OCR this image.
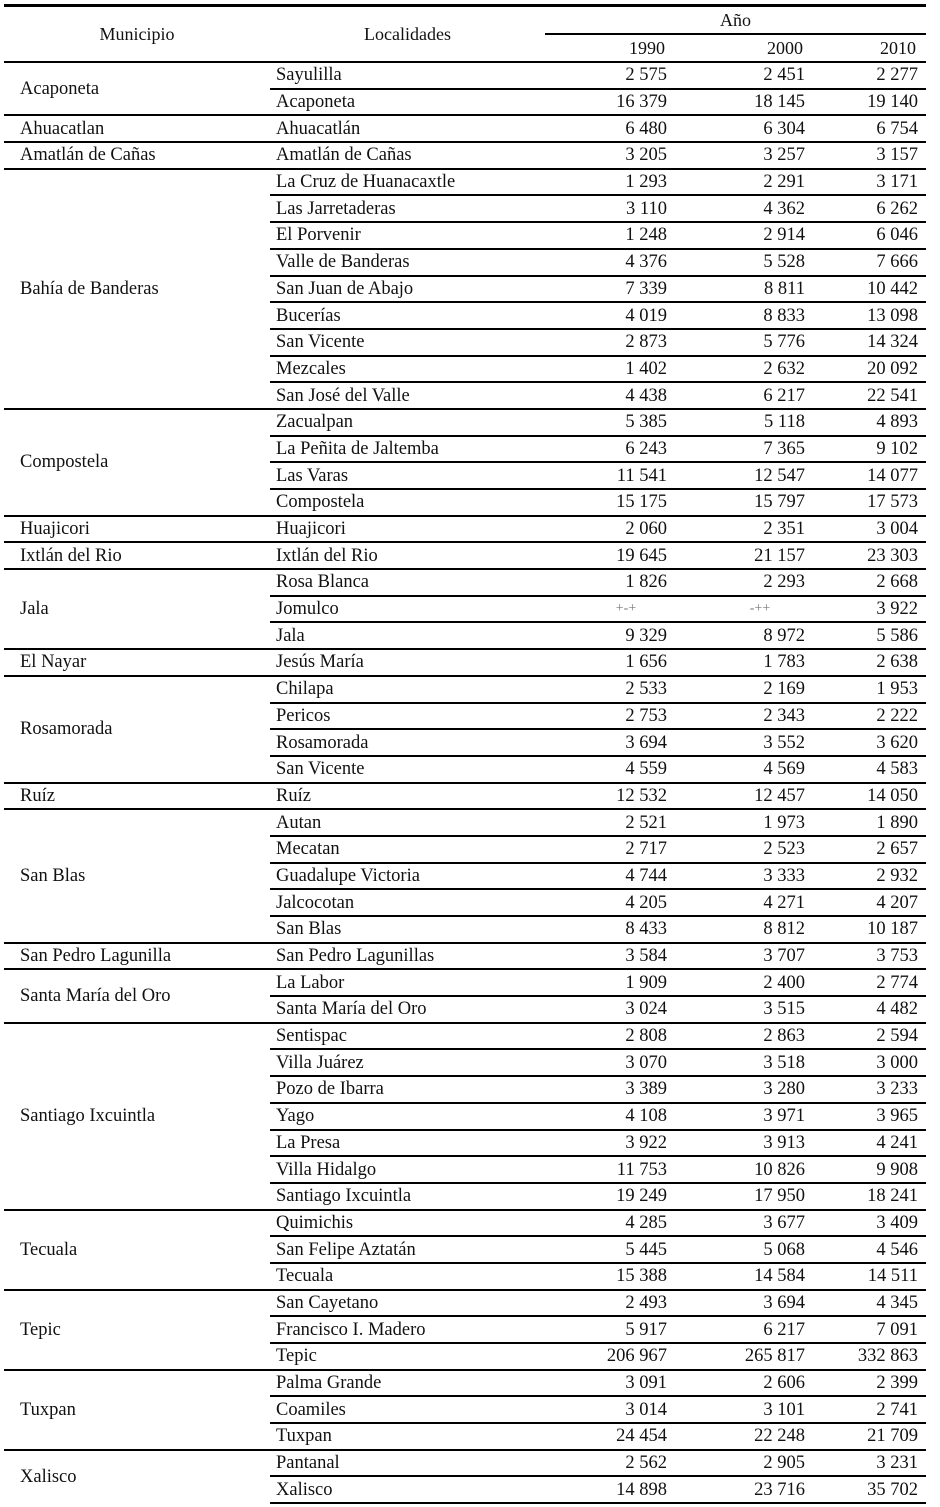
Municipio	Localidades	Año		
		1990	2000	2010
Acaponeta	Sayulilla	2 575	2 451	2 277
	Acaponeta	16 379	18 145	19 140
Ahuacatlan	Ahuacatlán	6 480	6 304	6 754
Amatlán de Cañas	Amatlán de Cañas	3 205	3 257	3 157
Bahía de Banderas	La Cruz de Huanacaxtle	1 293	2 291	3 171
	Las Jarretaderas	3 110	4 362	6 262
	El Porvenir	1 248	2 914	6 046
	Valle de Banderas	4 376	5 528	7 666
	San Juan de Abajo	7 339	8 811	10 442
	Bucerías	4 019	8 833	13 098
	San Vicente	2 873	5 776	14 324
	Mezcales	1 402	2 632	20 092
	San José del Valle	4 438	6 217	22 541
Compostela	Zacualpan	5 385	5 118	4 893
	La Peñita de Jaltemba	6 243	7 365	9 102
	Las Varas	11 541	12 547	14 077
	Compostela	15 175	15 797	17 573
Huajicori	Huajicori	2 060	2 351	3 004
Ixtlán del Rio	Ixtlán del Rio	19 645	21 157	23 303
Jala	Rosa Blanca	1 826	2 293	2 668
	Jomulco	+-+	-++	3 922
	Jala	9 329	8 972	5 586
El Nayar	Jesús María	1 656	1 783	2 638
Rosamorada	Chilapa	2 533	2 169	1 953
	Pericos	2 753	2 343	2 222
	Rosamorada	3 694	3 552	3 620
	San Vicente	4 559	4 569	4 583
Ruíz	Ruíz	12 532	12 457	14 050
San Blas	Autan	2 521	1 973	1 890
	Mecatan	2 717	2 523	2 657
	Guadalupe Victoria	4 744	3 333	2 932
	Jalcocotan	4 205	4 271	4 207
	San Blas	8 433	8 812	10 187
San Pedro Lagunilla	San Pedro Lagunillas	3 584	3 707	3 753
Santa María del Oro	La Labor	1 909	2 400	2 774
	Santa María del Oro	3 024	3 515	4 482
Santiago Ixcuintla	Sentispac	2 808	2 863	2 594
	Villa Juárez	3 070	3 518	3 000
	Pozo de Ibarra	3 389	3 280	3 233
	Yago	4 108	3 971	3 965
	La Presa	3 922	3 913	4 241
	Villa Hidalgo	11 753	10 826	9 908
	Santiago Ixcuintla	19 249	17 950	18 241
Tecuala	Quimichis	4 285	3 677	3 409
	San Felipe Aztatán	5 445	5 068	4 546
	Tecuala	15 388	14 584	14 511
Tepic	San Cayetano	2 493	3 694	4 345
	Francisco I. Madero	5 917	6 217	7 091
	Tepic	206 967	265 817	332 863
Tuxpan	Palma Grande	3 091	2 606	2 399
	Coamiles	3 014	3 101	2 741
	Tuxpan	24 454	22 248	21 709
Xalisco	Pantanal	2 562	2 905	3 231
	Xalisco	14 898	23 716	35 702
